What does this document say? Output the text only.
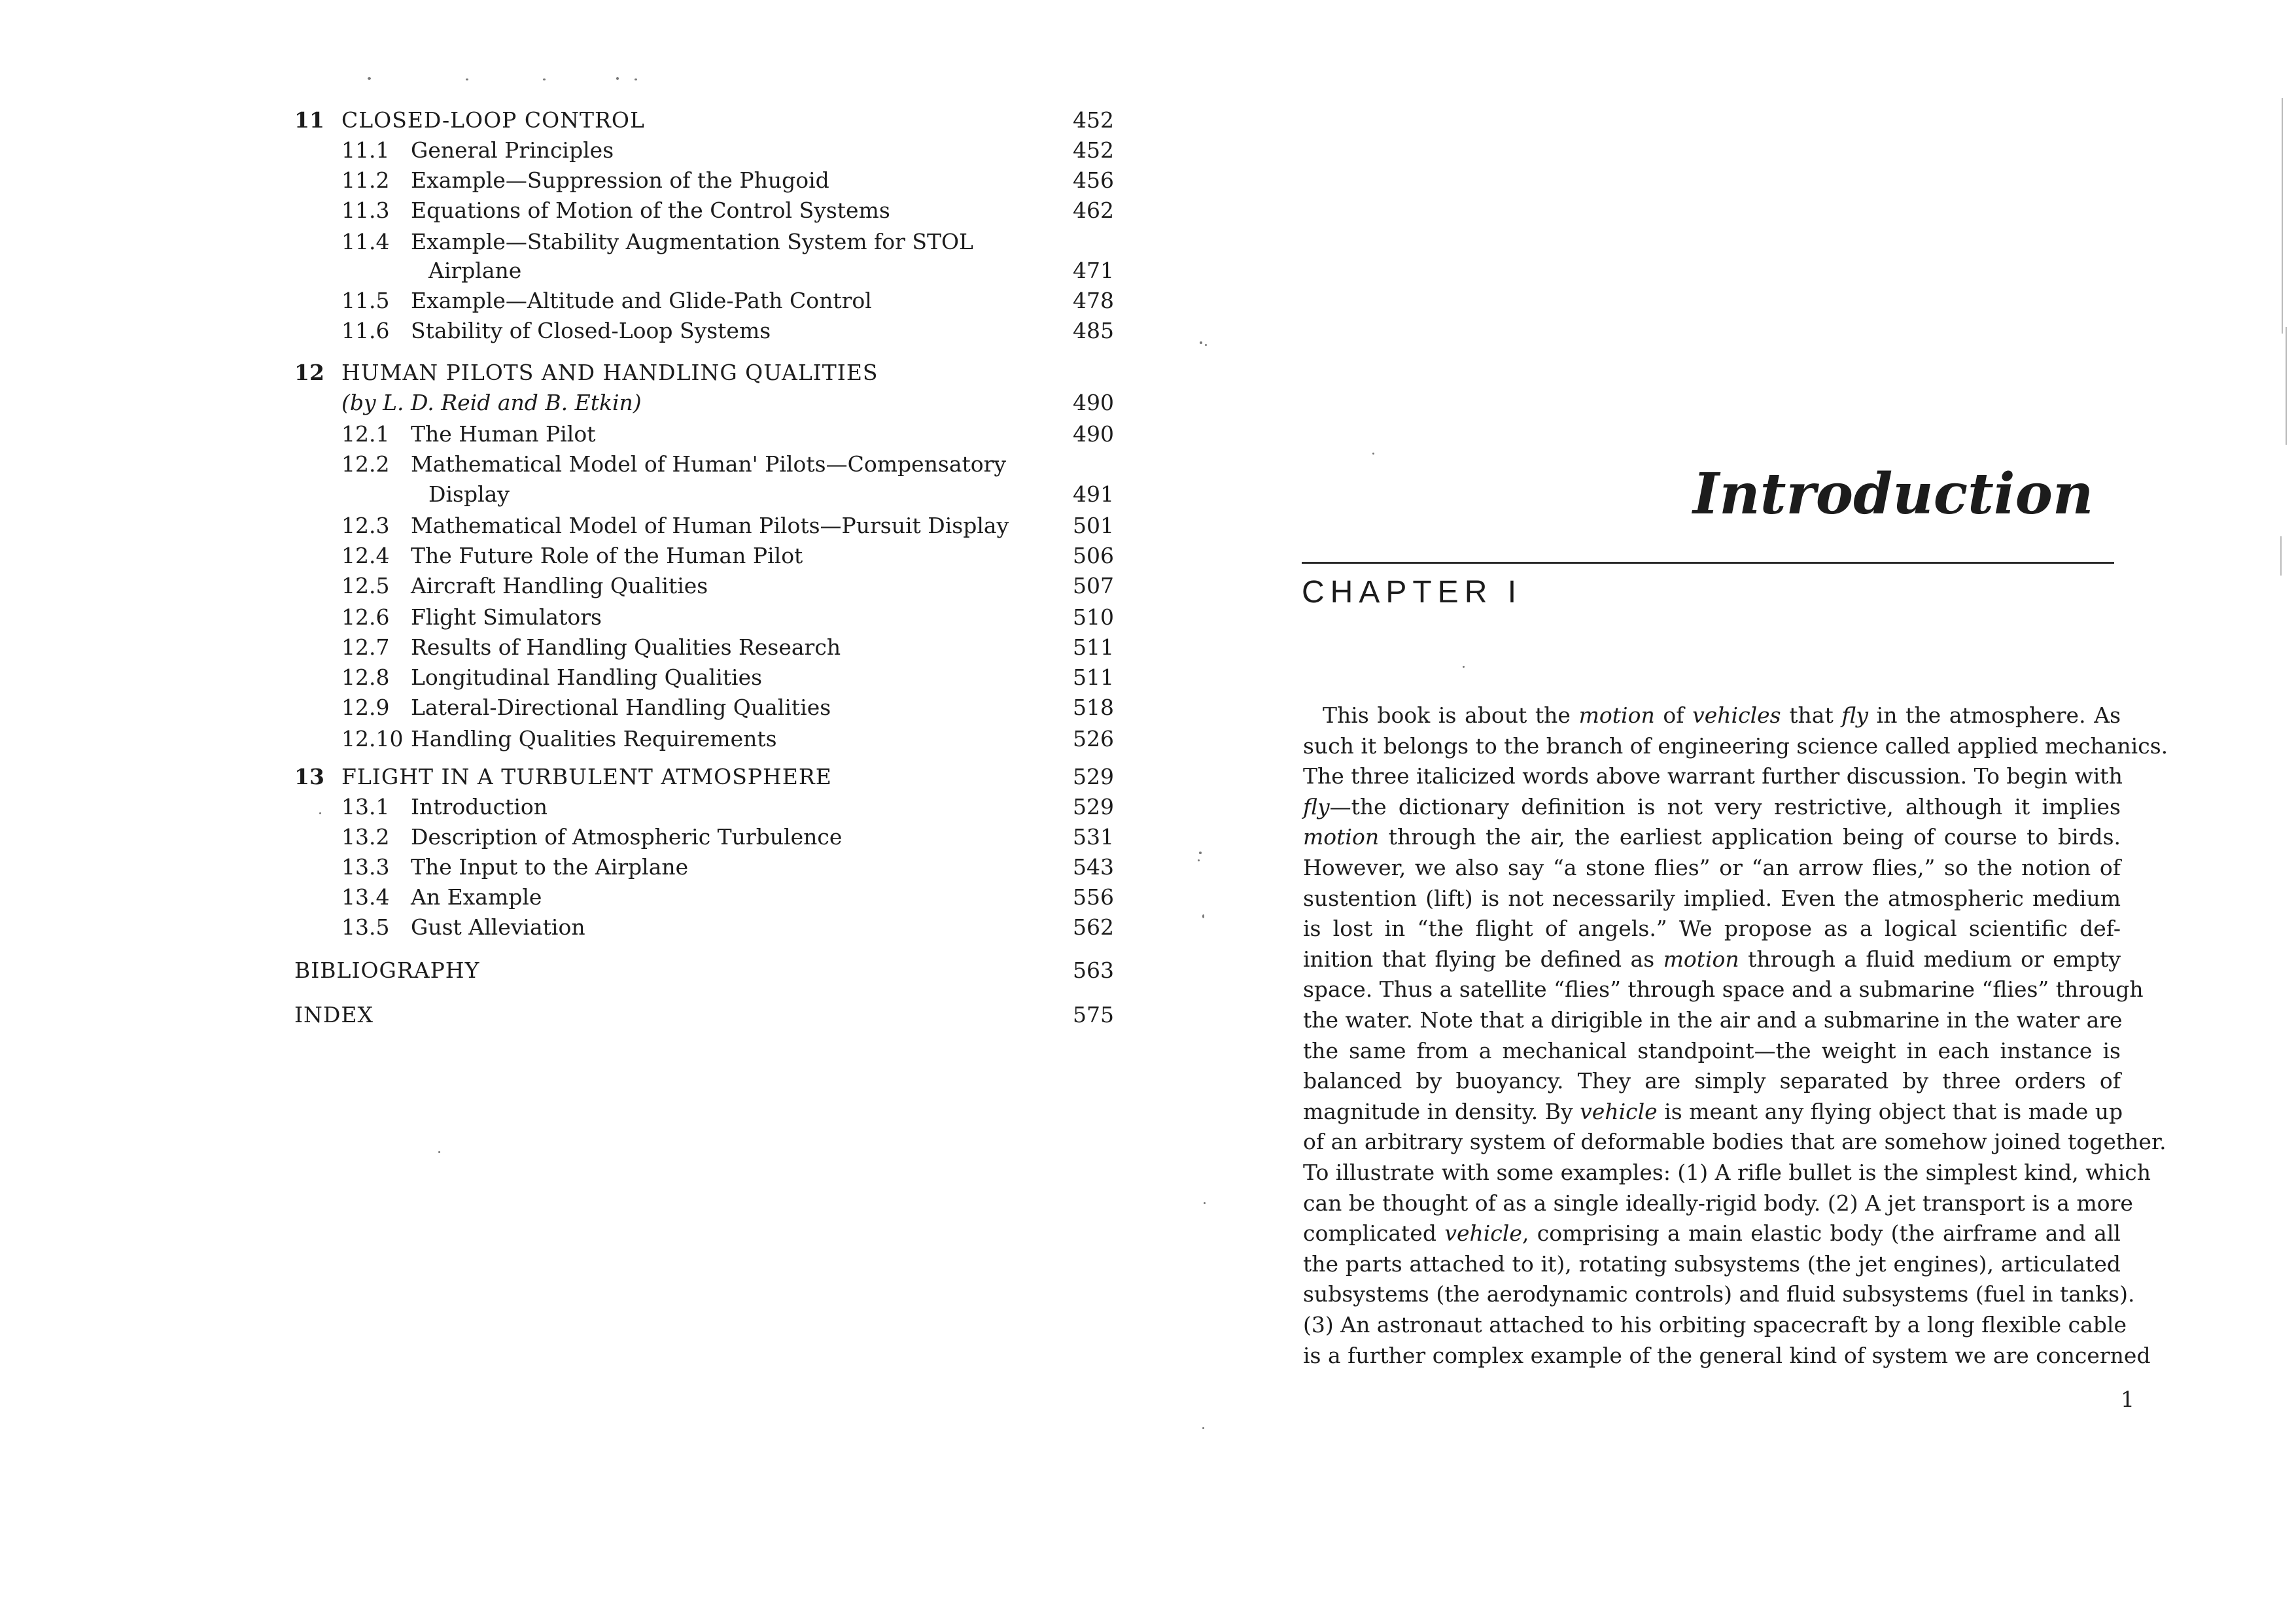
11 CLOSED-LOOP CONTROL	452
11.1 General Principles	452
11.2 Example—Suppression of the Phugoid	456
11.3 Equations of Motion of the Control Systems	462
11.4 Example—Stability Augmentation System for STOL
Airplane	471
11.5 Example—Altitude and Glide-Path Control	478
11.6 Stability of Closed-Loop Systems	485
12 HUMAN PILOTS AND HANDLING QUALITIES
(by L. D. Reid and B. Etkin)	490
12.1 The Human Pilot	490
12.2 Mathematical Model of Human' Pilots—Compensatory
Display	491
12.3 Mathematical Model of Human Pilots—Pursuit Display	501
12.4 The Future Role of the Human Pilot	506
12.5 Aircraft Handling Qualities	507
12.6 Flight Simulators	510
12.7 Results of Handling Qualities Research	511
12.8 Longitudinal Handling Qualities	511
12.9 Lateral-Directional Handling Qualities	518
12.10 Handling Qualities Requirements	526
13 FLIGHT IN A TURBULENT ATMOSPHERE	529
13.1 Introduction	529
13.2 Description of Atmospheric Turbulence	531
13.3 The Input to the Airplane	543
13.4 An Example	556
13.5 Gust Alleviation	562
BIBLIOGRAPHY	563
INDEX	575
Introduction
CHAPTER I
This book is about the motion of vehicles that fly in the atmosphere. As
such it belongs to the branch of engineering science called applied mechanics.
The three italicized words above warrant further discussion. To begin with
fly—the dictionary definition is not very restrictive, although it implies
motion through the air, the earliest application being of course to birds.
However, we also say “a stone flies” or “an arrow flies,” so the notion of
sustention (lift) is not necessarily implied. Even the atmospheric medium
is lost in “the flight of angels.” We propose as a logical scientific def-
inition that flying be defined as motion through a fluid medium or empty
space. Thus a satellite “flies” through space and a submarine “flies” through
the water. Note that a dirigible in the air and a submarine in the water are
the same from a mechanical standpoint—the weight in each instance is
balanced by buoyancy. They are simply separated by three orders of
magnitude in density. By vehicle is meant any flying object that is made up
of an arbitrary system of deformable bodies that are somehow joined together.
To illustrate with some examples: (1) A rifle bullet is the simplest kind, which
can be thought of as a single ideally-rigid body. (2) A jet transport is a more
complicated vehicle, comprising a main elastic body (the airframe and all
the parts attached to it), rotating subsystems (the jet engines), articulated
subsystems (the aerodynamic controls) and fluid subsystems (fuel in tanks).
(3) An astronaut attached to his orbiting spacecraft by a long flexible cable
is a further complex example of the general kind of system we are concerned
1
